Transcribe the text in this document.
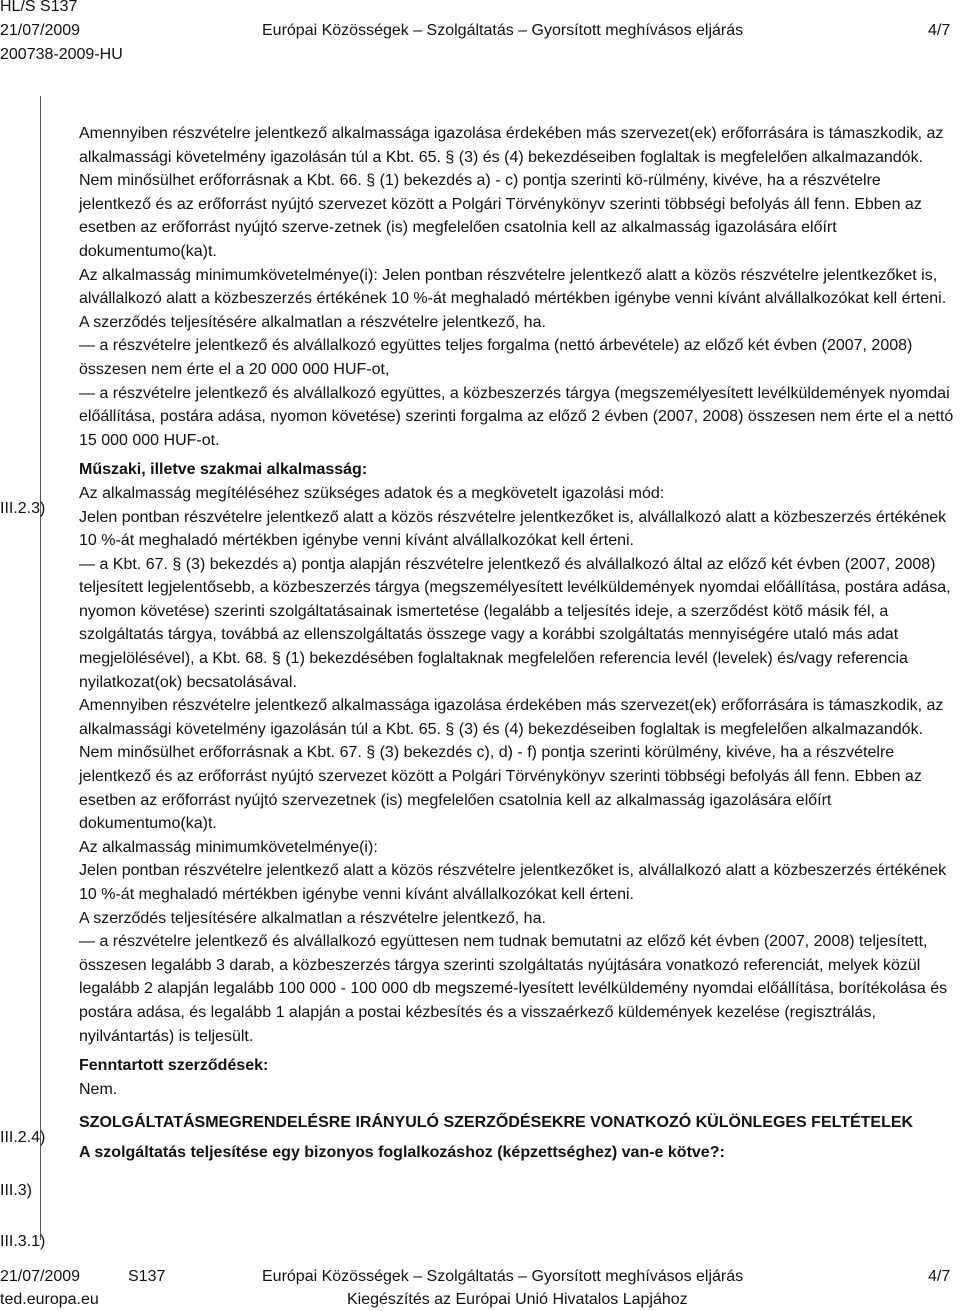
HL/S S137
21/07/2009	Európai Közösségek – Szolgáltatás – Gyorsított meghívásos eljárás	4/7
200738-2009-HU
III.2.3)
III.2.4)
III.3)
III.3.1)

Amennyiben részvételre jelentkező alkalmassága igazolása érdekében más szervezet(ek) erőforrására is támaszkodik, az alkalmassági követelmény igazolásán túl a Kbt. 65. § (3) és (4) bekezdéseiben foglaltak is megfelelően alkalmazandók. Nem minősülhet erőforrásnak a Kbt. 66. § (1) bekezdés a) - c) pontja szerinti kö-rülmény, kivéve, ha a részvételre jelentkező és az erőforrást nyújtó szervezet között a Polgári Törvénykönyv szerinti többségi befolyás áll fenn. Ebben az esetben az erőforrást nyújtó szerve-zetnek (is) megfelelően csatolnia kell az alkalmasság igazolására előírt dokumentumo(ka)t.

Az alkalmasság minimumkövetelménye(i): Jelen pontban részvételre jelentkező alatt a közös részvételre jelentkezőket is, alvállalkozó alatt a közbeszerzés értékének 10 %-át meghaladó mértékben igénybe venni kívánt alvállalkozókat kell érteni.

A szerződés teljesítésére alkalmatlan a részvételre jelentkező, ha.

— a részvételre jelentkező és alvállalkozó együttes teljes forgalma (nettó árbevétele) az előző két évben (2007, 2008) összesen nem érte el a 20 000 000 HUF-ot,

— a részvételre jelentkező és alvállalkozó együttes, a közbeszerzés tárgya (megszemélyesített levélküldemények nyomdai előállítása, postára adása, nyomon követése) szerinti forgalma az előző 2 évben (2007, 2008) összesen nem érte el a nettó 15 000 000 HUF-ot.

Műszaki, illetve szakmai alkalmasság:

Az alkalmasság megítéléséhez szükséges adatok és a megkövetelt igazolási mód:

Jelen pontban részvételre jelentkező alatt a közös részvételre jelentkezőket is, alvállalkozó alatt a közbeszerzés értékének 10 %-át meghaladó mértékben igénybe venni kívánt alvállalkozókat kell érteni.

— a Kbt. 67. § (3) bekezdés a) pontja alapján részvételre jelentkező és alvállalkozó által az előző két évben (2007, 2008) teljesített legjelentősebb, a közbeszerzés tárgya (megszemélyesített levélküldemények nyomdai előállítása, postára adása, nyomon követése) szerinti szolgáltatásainak ismertetése (legalább a teljesítés ideje, a szerződést kötő másik fél, a szolgáltatás tárgya, továbbá az ellenszolgáltatás összege vagy a korábbi szolgáltatás mennyiségére utaló más adat megjelölésével), a Kbt. 68. § (1) bekezdésében foglaltaknak megfelelően referencia levél (levelek) és/vagy referencia nyilatkozat(ok) becsatolásával.

Amennyiben részvételre jelentkező alkalmassága igazolása érdekében más szervezet(ek) erőforrására is támaszkodik, az alkalmassági követelmény igazolásán túl a Kbt. 65. § (3) és (4) bekezdéseiben foglaltak is megfelelően alkalmazandók. Nem minősülhet erőforrásnak a Kbt. 67. § (3) bekezdés c), d) - f) pontja szerinti körülmény, kivéve, ha a részvételre jelentkező és az erőforrást nyújtó szervezet között a Polgári Törvénykönyv szerinti többségi befolyás áll fenn. Ebben az esetben az erőforrást nyújtó szervezetnek (is) megfelelően csatolnia kell az alkalmasság igazolására előírt dokumentumo(ka)t.

Az alkalmasság minimumkövetelménye(i):

Jelen pontban részvételre jelentkező alatt a közös részvételre jelentkezőket is, alvállalkozó alatt a közbeszerzés értékének 10 %-át meghaladó mértékben igénybe venni kívánt alvállalkozókat kell érteni.

A szerződés teljesítésére alkalmatlan a részvételre jelentkező, ha.

— a részvételre jelentkező és alvállalkozó együttesen nem tudnak bemutatni az előző két évben (2007, 2008) teljesített, összesen legalább 3 darab, a közbeszerzés tárgya szerinti szolgáltatás nyújtására vonatkozó referenciát, melyek közül legalább 2 alapján legalább 100 000 - 100 000 db megszemé-lyesített levélküldemény nyomdai előállítása, borítékolása és postára adása, és legalább 1 alapján a postai kézbesítés és a visszaérkező küldemények kezelése (regisztrálás, nyilvántartás) is teljesült.

Fenntartott szerződések:

Nem.

SZOLGÁLTATÁSMEGRENDELÉSRE IRÁNYULÓ SZERZŐDÉSEKRE VONATKOZÓ KÜLÖNLEGES FELTÉTELEK

A szolgáltatás teljesítése egy bizonyos foglalkozáshoz (képzettséghez) van-e kötve?:

21/07/2009	S137	Európai Közösségek – Szolgáltatás – Gyorsított meghívásos eljárás	4/7
ted.europa.eu	Kiegészítés az Európai Unió Hivatalos Lapjához
